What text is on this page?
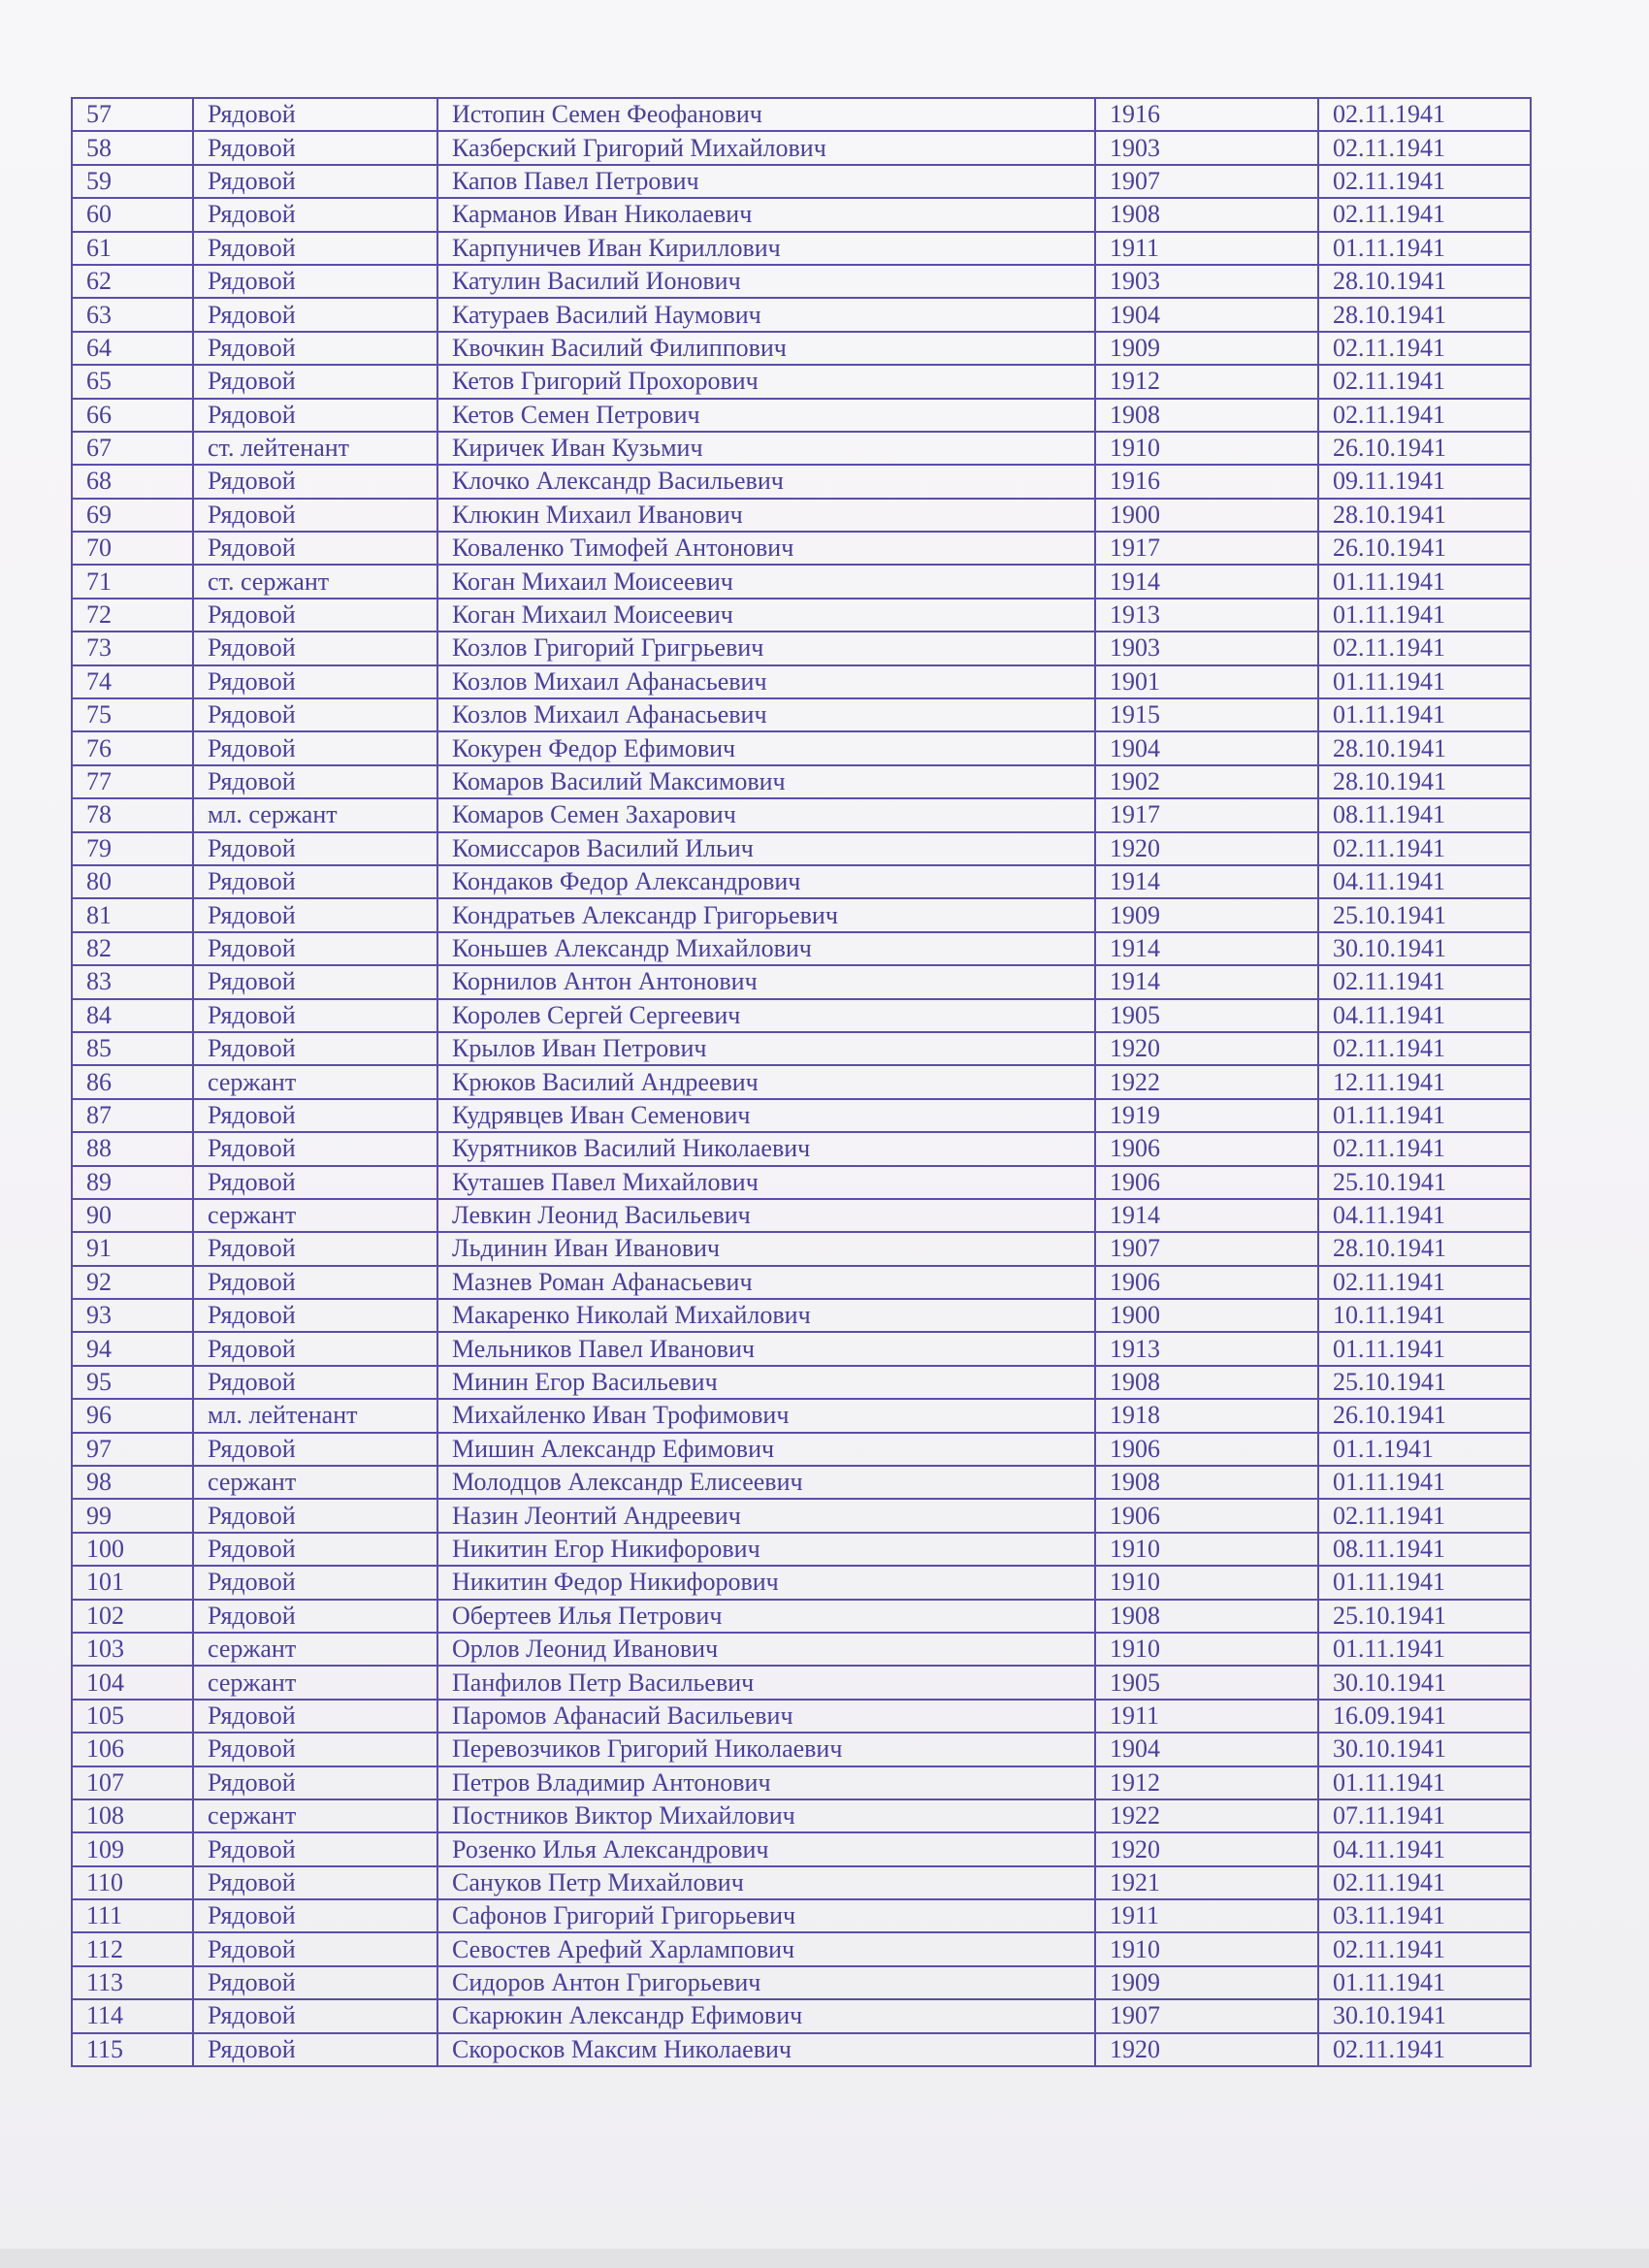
57	Рядовой	Истопин Семен Феофанович	1916	02.11.1941
58	Рядовой	Казберский Григорий Михайлович	1903	02.11.1941
59	Рядовой	Капов Павел Петрович	1907	02.11.1941
60	Рядовой	Карманов Иван Николаевич	1908	02.11.1941
61	Рядовой	Карпуничев Иван Кириллович	1911	01.11.1941
62	Рядовой	Катулин Василий Ионович	1903	28.10.1941
63	Рядовой	Катураев Василий Наумович	1904	28.10.1941
64	Рядовой	Квочкин Василий Филиппович	1909	02.11.1941
65	Рядовой	Кетов Григорий Прохорович	1912	02.11.1941
66	Рядовой	Кетов Семен Петрович	1908	02.11.1941
67	ст. лейтенант	Киричек Иван Кузьмич	1910	26.10.1941
68	Рядовой	Клочко Александр Васильевич	1916	09.11.1941
69	Рядовой	Клюкин Михаил Иванович	1900	28.10.1941
70	Рядовой	Коваленко Тимофей Антонович	1917	26.10.1941
71	ст. сержант	Коган Михаил Моисеевич	1914	01.11.1941
72	Рядовой	Коган Михаил Моисеевич	1913	01.11.1941
73	Рядовой	Козлов Григорий Григрьевич	1903	02.11.1941
74	Рядовой	Козлов Михаил Афанасьевич	1901	01.11.1941
75	Рядовой	Козлов Михаил Афанасьевич	1915	01.11.1941
76	Рядовой	Кокурен Федор Ефимович	1904	28.10.1941
77	Рядовой	Комаров Василий Максимович	1902	28.10.1941
78	мл. сержант	Комаров Семен Захарович	1917	08.11.1941
79	Рядовой	Комиссаров Василий Ильич	1920	02.11.1941
80	Рядовой	Кондаков Федор Александрович	1914	04.11.1941
81	Рядовой	Кондратьев Александр Григорьевич	1909	25.10.1941
82	Рядовой	Коньшев Александр Михайлович	1914	30.10.1941
83	Рядовой	Корнилов Антон Антонович	1914	02.11.1941
84	Рядовой	Королев Сергей Сергеевич	1905	04.11.1941
85	Рядовой	Крылов Иван Петрович	1920	02.11.1941
86	сержант	Крюков Василий Андреевич	1922	12.11.1941
87	Рядовой	Кудрявцев Иван Семенович	1919	01.11.1941
88	Рядовой	Курятников Василий Николаевич	1906	02.11.1941
89	Рядовой	Куташев Павел Михайлович	1906	25.10.1941
90	сержант	Левкин Леонид Васильевич	1914	04.11.1941
91	Рядовой	Льдинин Иван Иванович	1907	28.10.1941
92	Рядовой	Мазнев Роман Афанасьевич	1906	02.11.1941
93	Рядовой	Макаренко Николай Михайлович	1900	10.11.1941
94	Рядовой	Мельников Павел Иванович	1913	01.11.1941
95	Рядовой	Минин Егор Васильевич	1908	25.10.1941
96	мл. лейтенант	Михайленко Иван Трофимович	1918	26.10.1941
97	Рядовой	Мишин Александр Ефимович	1906	01.1.1941
98	сержант	Молодцов Александр Елисеевич	1908	01.11.1941
99	Рядовой	Назин Леонтий Андреевич	1906	02.11.1941
100	Рядовой	Никитин Егор Никифорович	1910	08.11.1941
101	Рядовой	Никитин Федор Никифорович	1910	01.11.1941
102	Рядовой	Обертеев Илья Петрович	1908	25.10.1941
103	сержант	Орлов Леонид Иванович	1910	01.11.1941
104	сержант	Панфилов Петр Васильевич	1905	30.10.1941
105	Рядовой	Паромов Афанасий Васильевич	1911	16.09.1941
106	Рядовой	Перевозчиков Григорий Николаевич	1904	30.10.1941
107	Рядовой	Петров Владимир Антонович	1912	01.11.1941
108	сержант	Постников Виктор Михайлович	1922	07.11.1941
109	Рядовой	Розенко Илья Александрович	1920	04.11.1941
110	Рядовой	Сануков Петр Михайлович	1921	02.11.1941
111	Рядовой	Сафонов Григорий Григорьевич	1911	03.11.1941
112	Рядовой	Севостев Арефий Харлампович	1910	02.11.1941
113	Рядовой	Сидоров Антон Григорьевич	1909	01.11.1941
114	Рядовой	Скарюкин Александр Ефимович	1907	30.10.1941
115	Рядовой	Скоросков Максим Николаевич	1920	02.11.1941
